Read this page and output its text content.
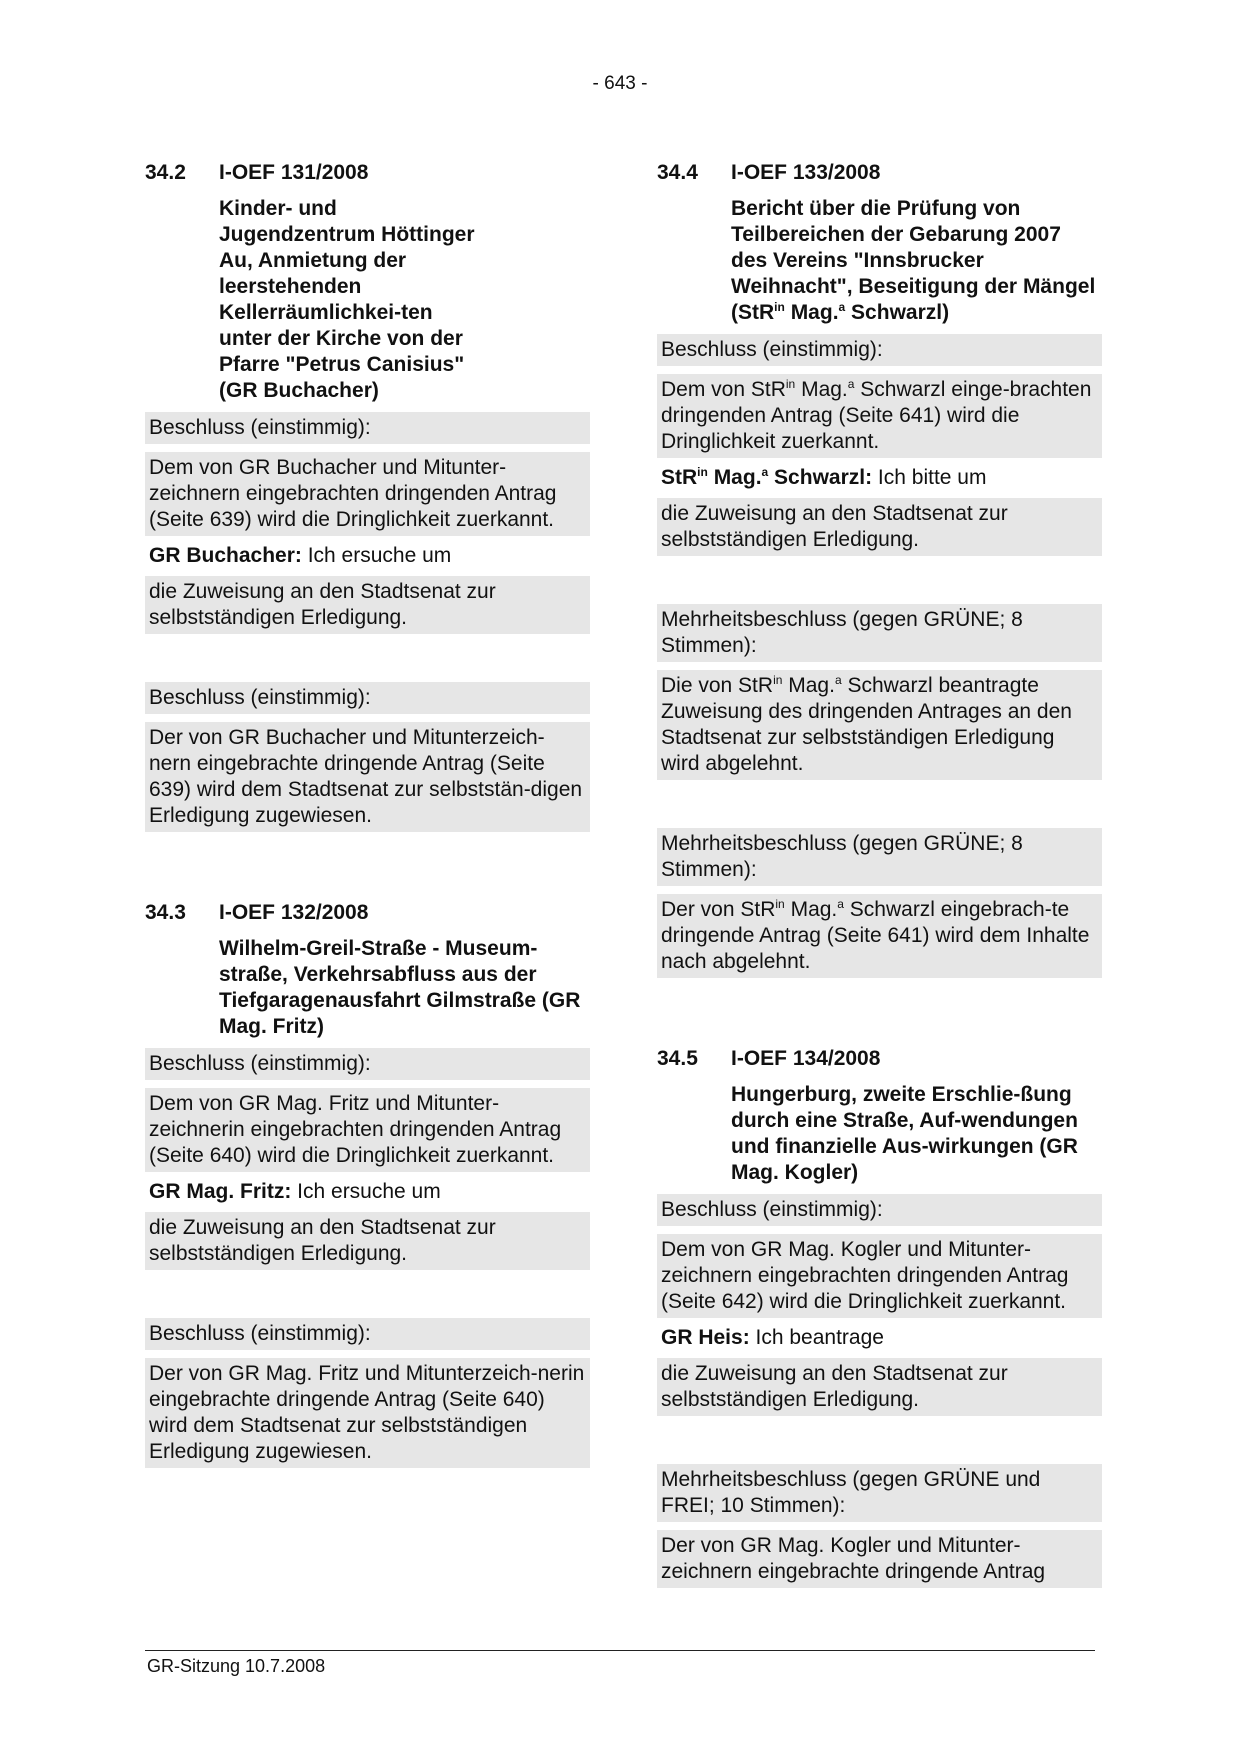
- 643 -
34.2	I-OEF 131/2008
Kinder- und Jugendzentrum Höttinger Au, Anmietung der leerstehenden Kellerräumlichkei-ten unter der Kirche von der Pfarre "Petrus Canisius" (GR Buchacher)
Beschluss (einstimmig):
Dem von GR Buchacher und Mitunter-zeichnern eingebrachten dringenden Antrag (Seite 639) wird die Dringlichkeit zuerkannt.
GR Buchacher: Ich ersuche um
die Zuweisung an den Stadtsenat zur selbstständigen Erledigung.
Beschluss (einstimmig):
Der von GR Buchacher und Mitunterzeich-nern eingebrachte dringende Antrag (Seite 639) wird dem Stadtsenat zur selbststän-digen Erledigung zugewiesen.
34.3	I-OEF 132/2008
Wilhelm-Greil-Straße - Museum-straße, Verkehrsabfluss aus der Tiefgaragenausfahrt Gilmstraße (GR Mag. Fritz)
Beschluss (einstimmig):
Dem von GR Mag. Fritz und Mitunter-zeichnerin eingebrachten dringenden Antrag (Seite 640) wird die Dringlichkeit zuerkannt.
GR Mag. Fritz: Ich ersuche um
die Zuweisung an den Stadtsenat zur selbstständigen Erledigung.
Beschluss (einstimmig):
Der von GR Mag. Fritz und Mitunterzeich-nerin eingebrachte dringende Antrag (Seite 640) wird dem Stadtsenat zur selbstständigen Erledigung zugewiesen.
34.4	I-OEF 133/2008
Bericht über die Prüfung von Teilbereichen der Gebarung 2007 des Vereins "Innsbrucker Weihnacht", Beseitigung der Mängel (StR$^{in}$ Mag.$^a$ Schwarzl)
Beschluss (einstimmig):
Dem von StR$^{in}$ Mag.$^a$ Schwarzl einge-brachten dringenden Antrag (Seite 641) wird die Dringlichkeit zuerkannt.
StR$^{in}$ Mag.$^a$ Schwarzl: Ich bitte um
die Zuweisung an den Stadtsenat zur selbstständigen Erledigung.
Mehrheitsbeschluss (gegen GRÜNE; 8 Stimmen):
Die von StR$^{in}$ Mag.$^a$ Schwarzl beantragte Zuweisung des dringenden Antrages an den Stadtsenat zur selbstständigen Erledigung wird abgelehnt.
Mehrheitsbeschluss (gegen GRÜNE; 8 Stimmen):
Der von StR$^{in}$ Mag.$^a$ Schwarzl eingebrach-te dringende Antrag (Seite 641) wird dem Inhalte nach abgelehnt.
34.5	I-OEF 134/2008
Hungerburg, zweite Erschlie-ßung durch eine Straße, Auf-wendungen und finanzielle Aus-wirkungen (GR Mag. Kogler)
Beschluss (einstimmig):
Dem von GR Mag. Kogler und Mitunter-zeichnern eingebrachten dringenden Antrag (Seite 642) wird die Dringlichkeit zuerkannt.
GR Heis: Ich beantrage
die Zuweisung an den Stadtsenat zur selbstständigen Erledigung.
Mehrheitsbeschluss (gegen GRÜNE und FREI; 10 Stimmen):
Der von GR Mag. Kogler und Mitunter-zeichnern eingebrachte dringende Antrag
GR-Sitzung 10.7.2008
